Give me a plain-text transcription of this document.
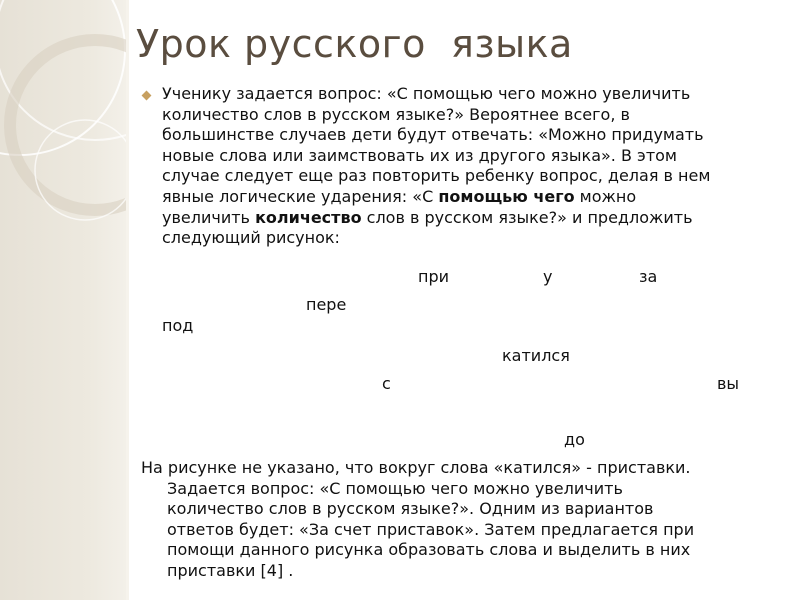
Урок русского  языка
Ученику задается вопрос: «С помощью чего можно увеличить
количество слов в русском языке?» Вероятнее всего, в
большинстве случаев дети будут отвечать: «Можно придумать
новые слова или заимствовать их из другого языка». В этом
случае следует еще раз повторить ребенку вопрос, делая в нем
явные логические ударения: «С помощью чего можно
увеличить количество слов в русском языке?» и предложить
следующий рисунок:
при	у	за
пере
под
катился
с	вы
до
На рисунке не указано, что вокруг слова «катился» - приставки.
Задается вопрос: «С помощью чего можно увеличить
количество слов в русском языке?». Одним из вариантов
ответов будет: «За счет приставок». Затем предлагается при
помощи данного рисунка образовать слова и выделить в них
приставки [4] .
